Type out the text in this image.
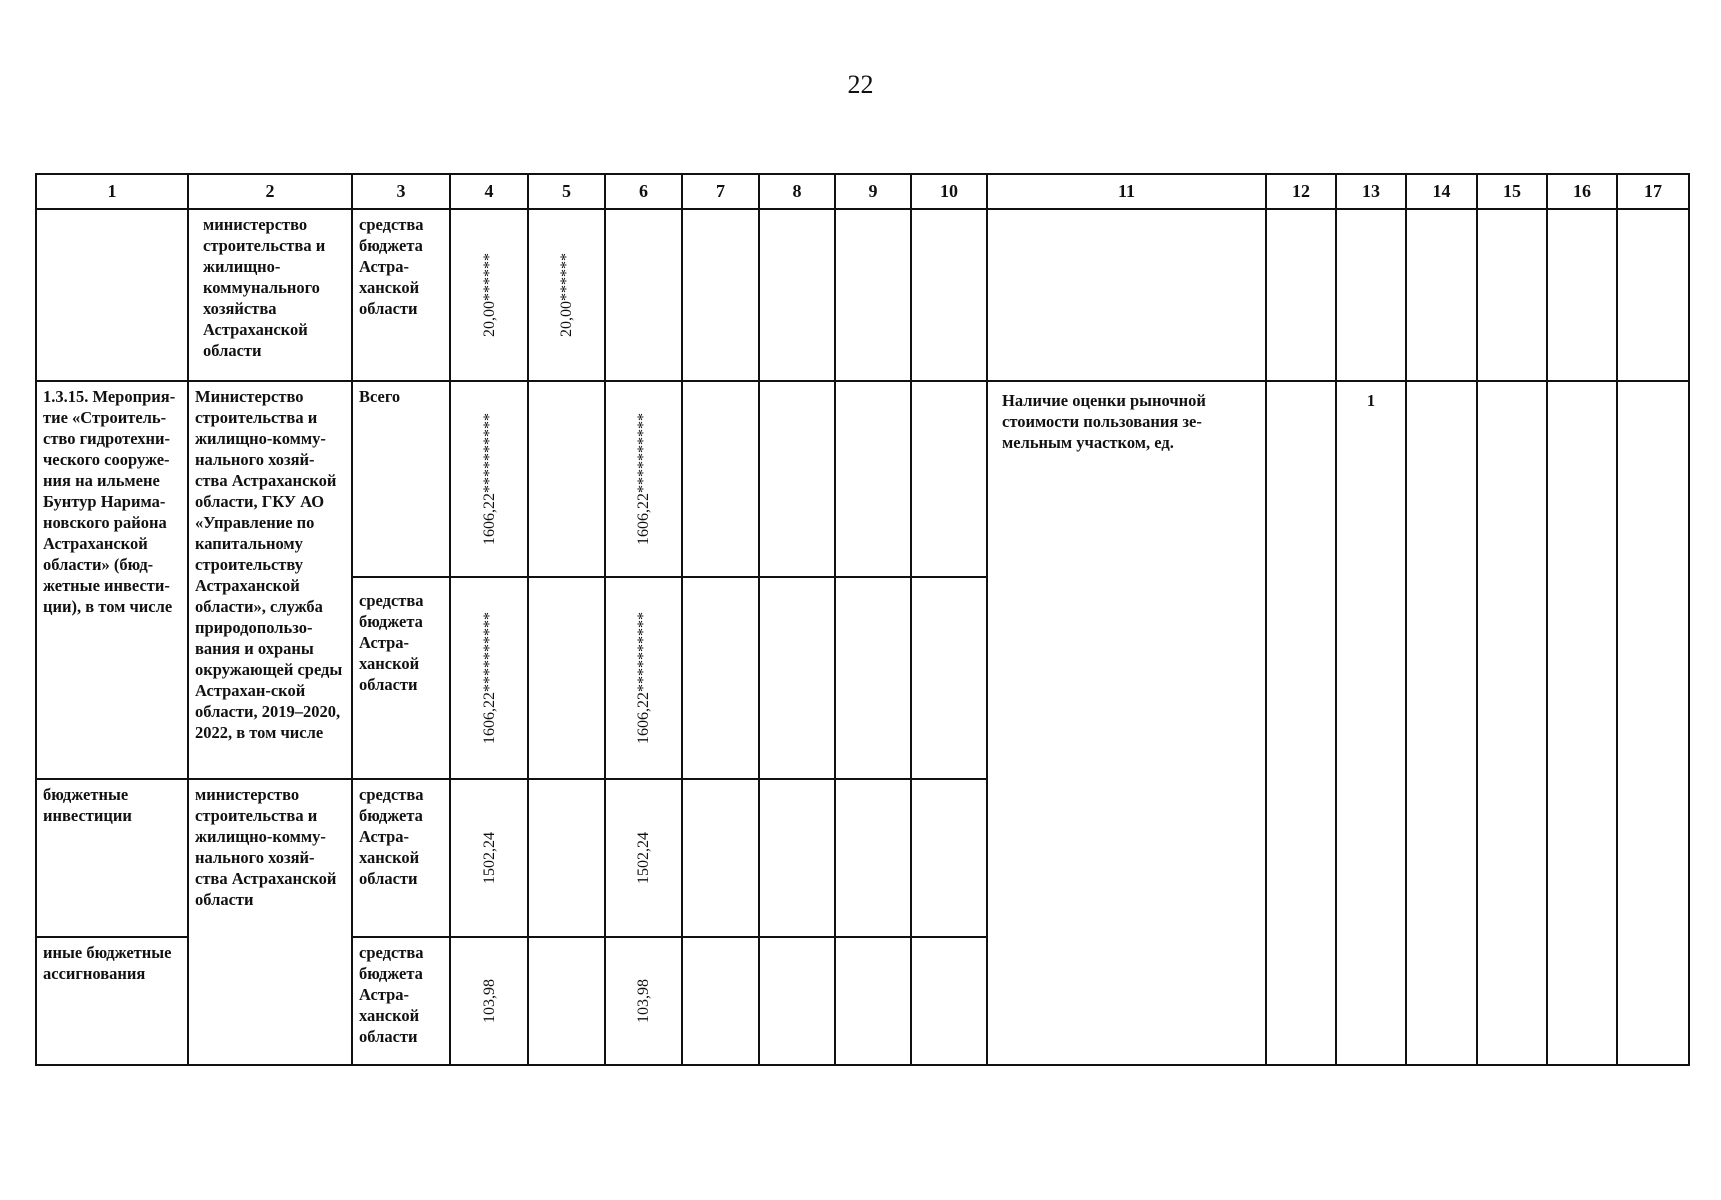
22
1	2	3	4	5	6	7	8	9	10	11	12	13	14	15	16	17
	министерство строительства и жилищно-коммунального хозяйства Астраханской области	средства бюджета Астра-ханской области	20,00******	20,00******												

1.3.15. Мероприя-тие «Строитель-ство гидротехни-ческого сооруже-ния на ильмене Бунтур Нарима-новского района Астраханской области» (бюд-жетные инвести-ции), в том числе	Министерство строительства и жилищно-комму-нального хозяй-ства Астраханской области, ГКУ АО «Управление по капитальному строительству Астраханской области», служба природопользо-вания и охраны окружающей среды Астрахан-ской области, 2019–2020, 2022, в том числе	Всего	1606,22**********		1606,22**********					Наличие оценки рыночной стоимости пользования зе-мельным участком, ед.		1				
		средства бюджета Астра-ханской области	1606,22**********		1606,22**********											

бюджетные инвестиции	министерство строительства и жилищно-комму-нального хозяй-ства Астраханской области	средства бюджета Астра-ханской области	1502,24		1502,24											

иные бюджетные ассигнования		средства бюджета Астра-ханской области	103,98		103,98											
